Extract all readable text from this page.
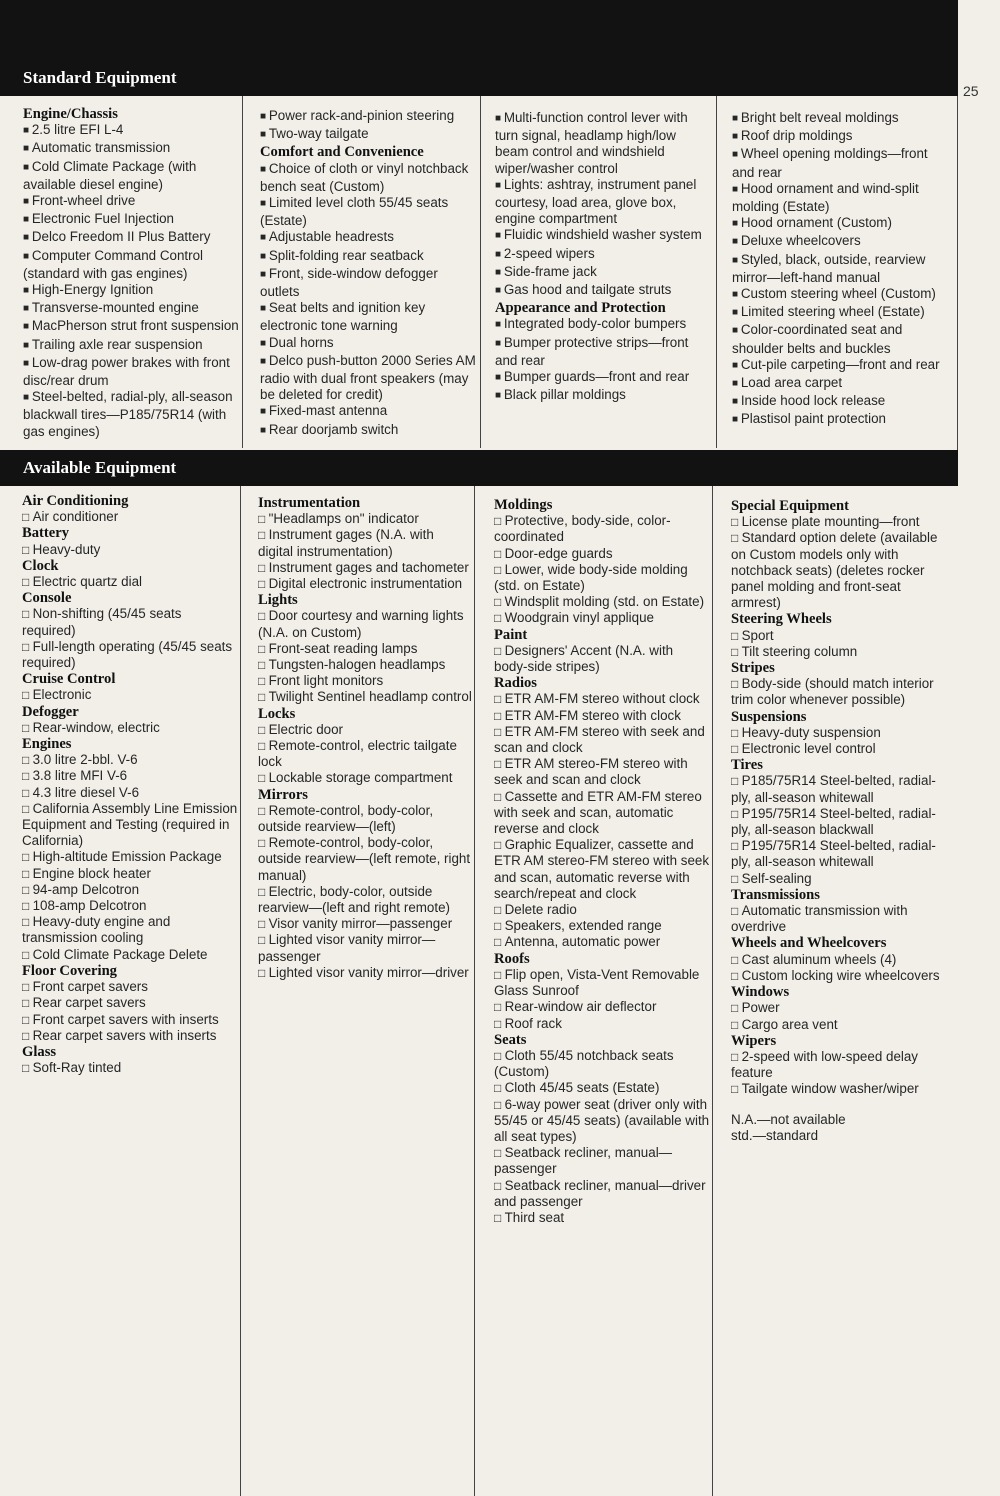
Standard Equipment
25
Engine/Chassis
■ 2.5 litre EFI L-4
■ Automatic transmission
■ Cold Climate Package (with available diesel engine)
■ Front-wheel drive
■ Electronic Fuel Injection
■ Delco Freedom II Plus Battery
■ Computer Command Control (standard with gas engines)
■ High-Energy Ignition
■ Transverse-mounted engine
■ MacPherson strut front suspension
■ Trailing axle rear suspension
■ Low-drag power brakes with front disc/rear drum
■ Steel-belted, radial-ply, all-season blackwall tires—P185/75R14 (with gas engines)
■ Power rack-and-pinion steering
■ Two-way tailgate
Comfort and Convenience
■ Choice of cloth or vinyl notchback bench seat (Custom)
■ Limited level cloth 55/45 seats (Estate)
■ Adjustable headrests
■ Split-folding rear seatback
■ Front, side-window defogger outlets
■ Seat belts and ignition key electronic tone warning
■ Dual horns
■ Delco push-button 2000 Series AM radio with dual front speakers (may be deleted for credit)
■ Fixed-mast antenna
■ Rear doorjamb switch
■ Multi-function control lever with turn signal, headlamp high/low beam control and windshield wiper/washer control
■ Lights: ashtray, instrument panel courtesy, load area, glove box, engine compartment
■ Fluidic windshield washer system
■ 2-speed wipers
■ Side-frame jack
■ Gas hood and tailgate struts
Appearance and Protection
■ Integrated body-color bumpers
■ Bumper protective strips—front and rear
■ Bumper guards—front and rear
■ Black pillar moldings
■ Bright belt reveal moldings
■ Roof drip moldings
■ Wheel opening moldings—front and rear
■ Hood ornament and wind-split molding (Estate)
■ Hood ornament (Custom)
■ Deluxe wheelcovers
■ Styled, black, outside, rearview mirror—left-hand manual
■ Custom steering wheel (Custom)
■ Limited steering wheel (Estate)
■ Color-coordinated seat and shoulder belts and buckles
■ Cut-pile carpeting—front and rear
■ Load area carpet
■ Inside hood lock release
■ Plastisol paint protection
Available Equipment
Air Conditioning
□ Air conditioner
Battery
□ Heavy-duty
Clock
□ Electric quartz dial
Console
□ Non-shifting (45/45 seats required)
□ Full-length operating (45/45 seats required)
Cruise Control
□ Electronic
Defogger
□ Rear-window, electric
Engines
□ 3.0 litre 2-bbl. V-6
□ 3.8 litre MFI V-6
□ 4.3 litre diesel V-6
□ California Assembly Line Emission Equipment and Testing (required in California)
□ High-altitude Emission Package
□ Engine block heater
□ 94-amp Delcotron
□ 108-amp Delcotron
□ Heavy-duty engine and transmission cooling
□ Cold Climate Package Delete
Floor Covering
□ Front carpet savers
□ Rear carpet savers
□ Front carpet savers with inserts
□ Rear carpet savers with inserts
Glass
□ Soft-Ray tinted
Instrumentation
□ "Headlamps on" indicator
□ Instrument gages (N.A. with digital instrumentation)
□ Instrument gages and tachometer
□ Digital electronic instrumentation
Lights
□ Door courtesy and warning lights (N.A. on Custom)
□ Front-seat reading lamps
□ Tungsten-halogen headlamps
□ Front light monitors
□ Twilight Sentinel headlamp control
Locks
□ Electric door
□ Remote-control, electric tailgate lock
□ Lockable storage compartment
Mirrors
□ Remote-control, body-color, outside rearview—(left)
□ Remote-control, body-color, outside rearview—(left remote, right manual)
□ Electric, body-color, outside rearview—(left and right remote)
□ Visor vanity mirror—passenger
□ Lighted visor vanity mirror—passenger
□ Lighted visor vanity mirror—driver
Moldings
□ Protective, body-side, color-coordinated
□ Door-edge guards
□ Lower, wide body-side molding (std. on Estate)
□ Windsplit molding (std. on Estate)
□ Woodgrain vinyl applique
Paint
□ Designers' Accent (N.A. with body-side stripes)
Radios
□ ETR AM-FM stereo without clock
□ ETR AM-FM stereo with clock
□ ETR AM-FM stereo with seek and scan and clock
□ ETR AM stereo-FM stereo with seek and scan and clock
□ Cassette and ETR AM-FM stereo with seek and scan, automatic reverse and clock
□ Graphic Equalizer, cassette and ETR AM stereo-FM stereo with seek and scan, automatic reverse with search/repeat and clock
□ Delete radio
□ Speakers, extended range
□ Antenna, automatic power
Roofs
□ Flip open, Vista-Vent Removable Glass Sunroof
□ Rear-window air deflector
□ Roof rack
Seats
□ Cloth 55/45 notchback seats (Custom)
□ Cloth 45/45 seats (Estate)
□ 6-way power seat (driver only with 55/45 or 45/45 seats) (available with all seat types)
□ Seatback recliner, manual—passenger
□ Seatback recliner, manual—driver and passenger
□ Third seat
Special Equipment
□ License plate mounting—front
□ Standard option delete (available on Custom models only with notchback seats) (deletes rocker panel molding and front-seat armrest)
Steering Wheels
□ Sport
□ Tilt steering column
Stripes
□ Body-side (should match interior trim color whenever possible)
Suspensions
□ Heavy-duty suspension
□ Electronic level control
Tires
□ P185/75R14 Steel-belted, radial-ply, all-season whitewall
□ P195/75R14 Steel-belted, radial-ply, all-season blackwall
□ P195/75R14 Steel-belted, radial-ply, all-season whitewall
□ Self-sealing
Transmissions
□ Automatic transmission with overdrive
Wheels and Wheelcovers
□ Cast aluminum wheels (4)
□ Custom locking wire wheelcovers
Windows
□ Power
□ Cargo area vent
Wipers
□ 2-speed with low-speed delay feature
□ Tailgate window washer/wiper
N.A.—not available
std.—standard
